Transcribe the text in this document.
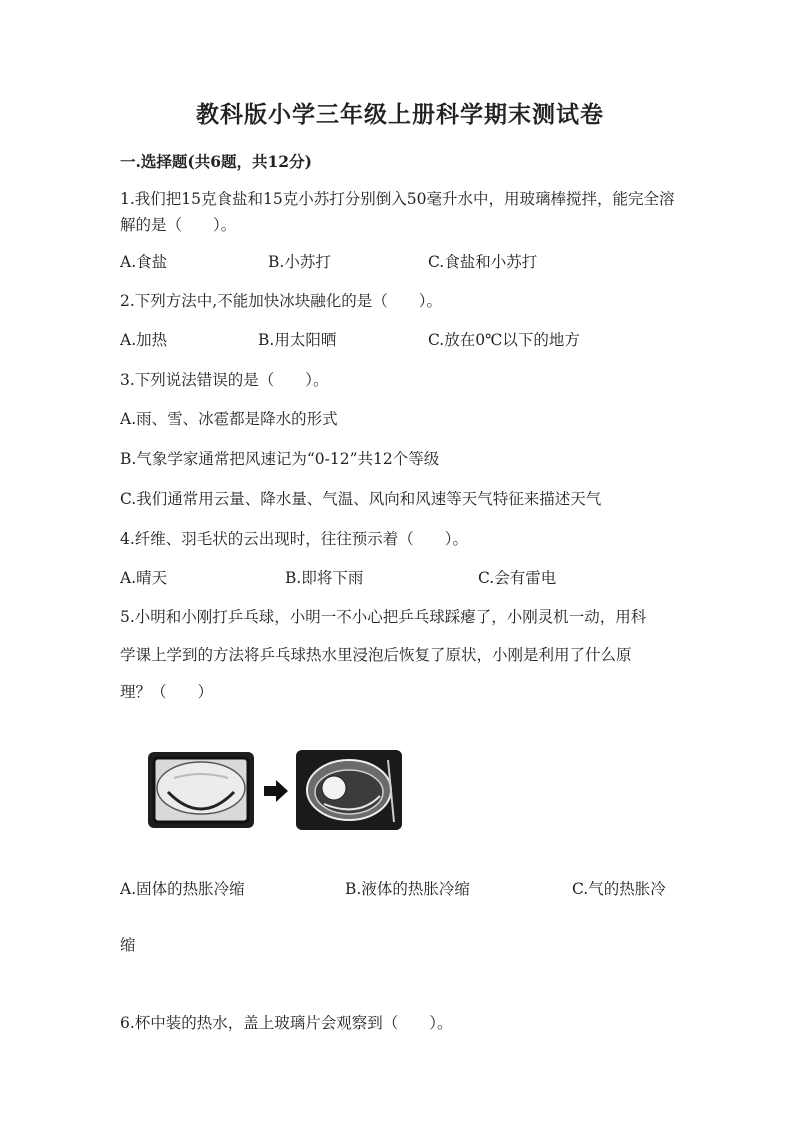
教科版小学三年级上册科学期末测试卷
一.选择题(共6题，共12分)
1.我们把15克食盐和15克小苏打分别倒入50毫升水中，用玻璃棒搅拌，能完全溶解的是（　　）。
A.食盐	B.小苏打	C.食盐和小苏打
2.下列方法中,不能加快冰块融化的是（　　）。
A.加热	B.用太阳晒	C.放在0℃以下的地方
3.下列说法错误的是（　　）。
A.雨、雪、冰雹都是降水的形式
B.气象学家通常把风速记为“0-12”共12个等级
C.我们通常用云量、降水量、气温、风向和风速等天气特征来描述天气
4.纤维、羽毛状的云出现时，往往预示着（　　）。
A.晴天	B.即将下雨	C.会有雷电
5.小明和小刚打乒乓球，小明一不小心把乒乓球踩瘪了，小刚灵机一动，用科
学课上学到的方法将乒乓球热水里浸泡后恢复了原状，小刚是利用了什么原
理？（　　）
A.固体的热胀冷缩	B.液体的热胀冷缩	C.气的热胀冷
缩
6.杯中装的热水，盖上玻璃片会观察到（　　）。
